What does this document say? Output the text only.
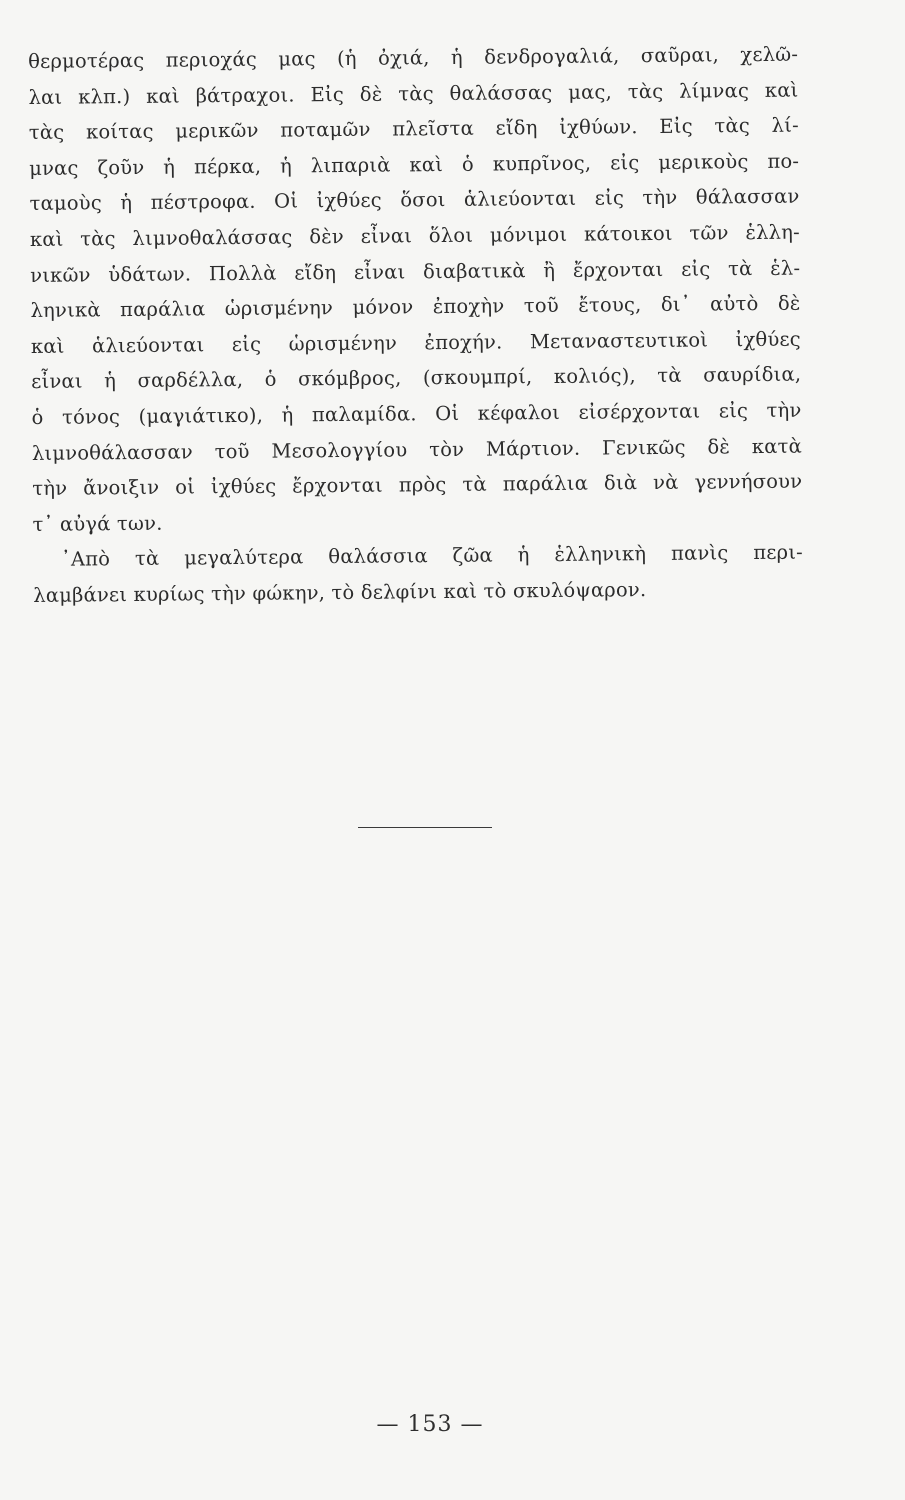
θερμοτέρας περιοχάς μας (ἡ ὀχιά, ἡ δενδρογαλιά, σαῦραι, χελῶ-
λαι κλπ.) καὶ βάτραχοι. Εἰς δὲ τὰς θαλάσσας μας, τὰς λίμνας καὶ
τὰς κοίτας μερικῶν ποταμῶν πλεῖστα εἴδη ἰχθύων. Εἰς τὰς λί-
μνας ζοῦν ἡ πέρκα, ἡ λιπαριὰ καὶ ὁ κυπρῖνος, εἰς μερικοὺς πο-
ταμοὺς ἡ πέστροφα. Οἱ ἰχθύες ὅσοι ἁλιεύονται εἰς τὴν θάλασσαν
καὶ τὰς λιμνοθαλάσσας δὲν εἶναι ὅλοι μόνιμοι κάτοικοι τῶν ἑλλη-
νικῶν ὑδάτων. Πολλὰ εἴδη εἶναι διαβατικὰ ἢ ἔρχονται εἰς τὰ ἑλ-
ληνικὰ παράλια ὡρισμένην μόνον ἐποχὴν τοῦ ἔτους, δι᾽ αὐτὸ δὲ
καὶ ἁλιεύονται εἰς ὡρισμένην ἐποχήν. Μεταναστευτικοὶ ἰχθύες
εἶναι ἡ σαρδέλλα, ὁ σκόμβρος, (σκουμπρί, κολιός), τὰ σαυρίδια,
ὁ τόνος (μαγιάτικο), ἡ παλαμίδα. Οἱ κέφαλοι εἰσέρχονται εἰς τὴν
λιμνοθάλασσαν τοῦ Μεσολογγίου τὸν Μάρτιον. Γενικῶς δὲ κατὰ
τὴν ἄνοιξιν οἱ ἰχθύες ἔρχονται πρὸς τὰ παράλια διὰ νὰ γεννήσουν
τ᾽ αὐγά των.
᾽Απὸ τὰ μεγαλύτερα θαλάσσια ζῶα ἡ ἑλληνικὴ πανὶς περι-
λαμβάνει κυρίως τὴν φώκην, τὸ δελφίνι καὶ τὸ σκυλόψαρον.
— 153 —
